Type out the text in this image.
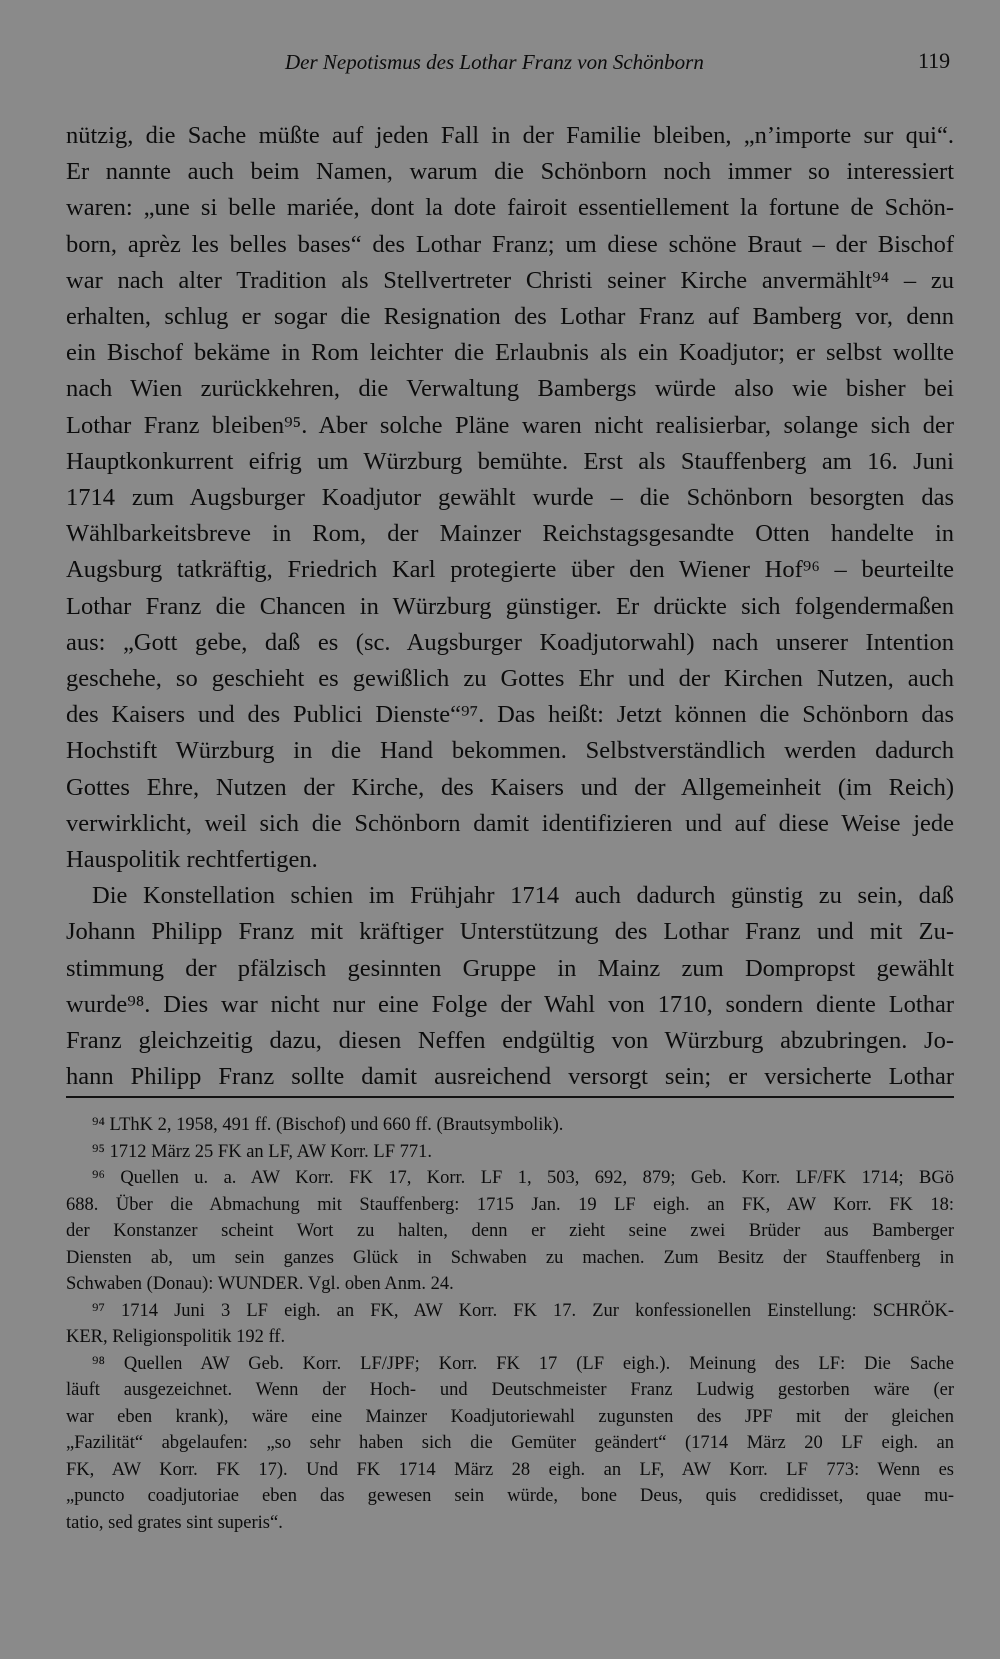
Der Nepotismus des Lothar Franz von Schönborn	119
nützig, die Sache müßte auf jeden Fall in der Familie bleiben, „n’importe sur qui“.
Er nannte auch beim Namen, warum die Schönborn noch immer so interessiert
waren: „une si belle mariée, dont la dote fairoit essentiellement la fortune de Schön-
born, aprèz les belles bases“ des Lothar Franz; um diese schöne Braut – der Bischof
war nach alter Tradition als Stellvertreter Christi seiner Kirche anvermählt⁹⁴ – zu
erhalten, schlug er sogar die Resignation des Lothar Franz auf Bamberg vor, denn
ein Bischof bekäme in Rom leichter die Erlaubnis als ein Koadjutor; er selbst wollte
nach Wien zurückkehren, die Verwaltung Bambergs würde also wie bisher bei
Lothar Franz bleiben⁹⁵. Aber solche Pläne waren nicht realisierbar, solange sich der
Hauptkonkurrent eifrig um Würzburg bemühte. Erst als Stauffenberg am 16. Juni
1714 zum Augsburger Koadjutor gewählt wurde – die Schönborn besorgten das
Wählbarkeitsbreve in Rom, der Mainzer Reichstagsgesandte Otten handelte in
Augsburg tatkräftig, Friedrich Karl protegierte über den Wiener Hof⁹⁶ – beurteilte
Lothar Franz die Chancen in Würzburg günstiger. Er drückte sich folgendermaßen
aus: „Gott gebe, daß es (sc. Augsburger Koadjutorwahl) nach unserer Intention
geschehe, so geschieht es gewißlich zu Gottes Ehr und der Kirchen Nutzen, auch
des Kaisers und des Publici Dienste“⁹⁷. Das heißt: Jetzt können die Schönborn das
Hochstift Würzburg in die Hand bekommen. Selbstverständlich werden dadurch
Gottes Ehre, Nutzen der Kirche, des Kaisers und der Allgemeinheit (im Reich)
verwirklicht, weil sich die Schönborn damit identifizieren und auf diese Weise jede
Hauspolitik rechtfertigen.
Die Konstellation schien im Frühjahr 1714 auch dadurch günstig zu sein, daß
Johann Philipp Franz mit kräftiger Unterstützung des Lothar Franz und mit Zu-
stimmung der pfälzisch gesinnten Gruppe in Mainz zum Dompropst gewählt
wurde⁹⁸. Dies war nicht nur eine Folge der Wahl von 1710, sondern diente Lothar
Franz gleichzeitig dazu, diesen Neffen endgültig von Würzburg abzubringen. Jo-
hann Philipp Franz sollte damit ausreichend versorgt sein; er versicherte Lothar
⁹⁴ LThK 2, 1958, 491 ff. (Bischof) und 660 ff. (Brautsymbolik).
⁹⁵ 1712 März 25 FK an LF, AW Korr. LF 771.
⁹⁶ Quellen u. a. AW Korr. FK 17, Korr. LF 1, 503, 692, 879; Geb. Korr. LF/FK 1714; BGö
688. Über die Abmachung mit Stauffenberg: 1715 Jan. 19 LF eigh. an FK, AW Korr. FK 18:
der Konstanzer scheint Wort zu halten, denn er zieht seine zwei Brüder aus Bamberger
Diensten ab, um sein ganzes Glück in Schwaben zu machen. Zum Besitz der Stauffenberg in
Schwaben (Donau): WUNDER. Vgl. oben Anm. 24.
⁹⁷ 1714 Juni 3 LF eigh. an FK, AW Korr. FK 17. Zur konfessionellen Einstellung: SCHRÖK-
KER, Religionspolitik 192 ff.
⁹⁸ Quellen AW Geb. Korr. LF/JPF; Korr. FK 17 (LF eigh.). Meinung des LF: Die Sache
läuft ausgezeichnet. Wenn der Hoch- und Deutschmeister Franz Ludwig gestorben wäre (er
war eben krank), wäre eine Mainzer Koadjutoriewahl zugunsten des JPF mit der gleichen
„Fazilität“ abgelaufen: „so sehr haben sich die Gemüter geändert“ (1714 März 20 LF eigh. an
FK, AW Korr. FK 17). Und FK 1714 März 28 eigh. an LF, AW Korr. LF 773: Wenn es
„puncto coadjutoriae eben das gewesen sein würde, bone Deus, quis credidisset, quae mu-
tatio, sed grates sint superis“.
